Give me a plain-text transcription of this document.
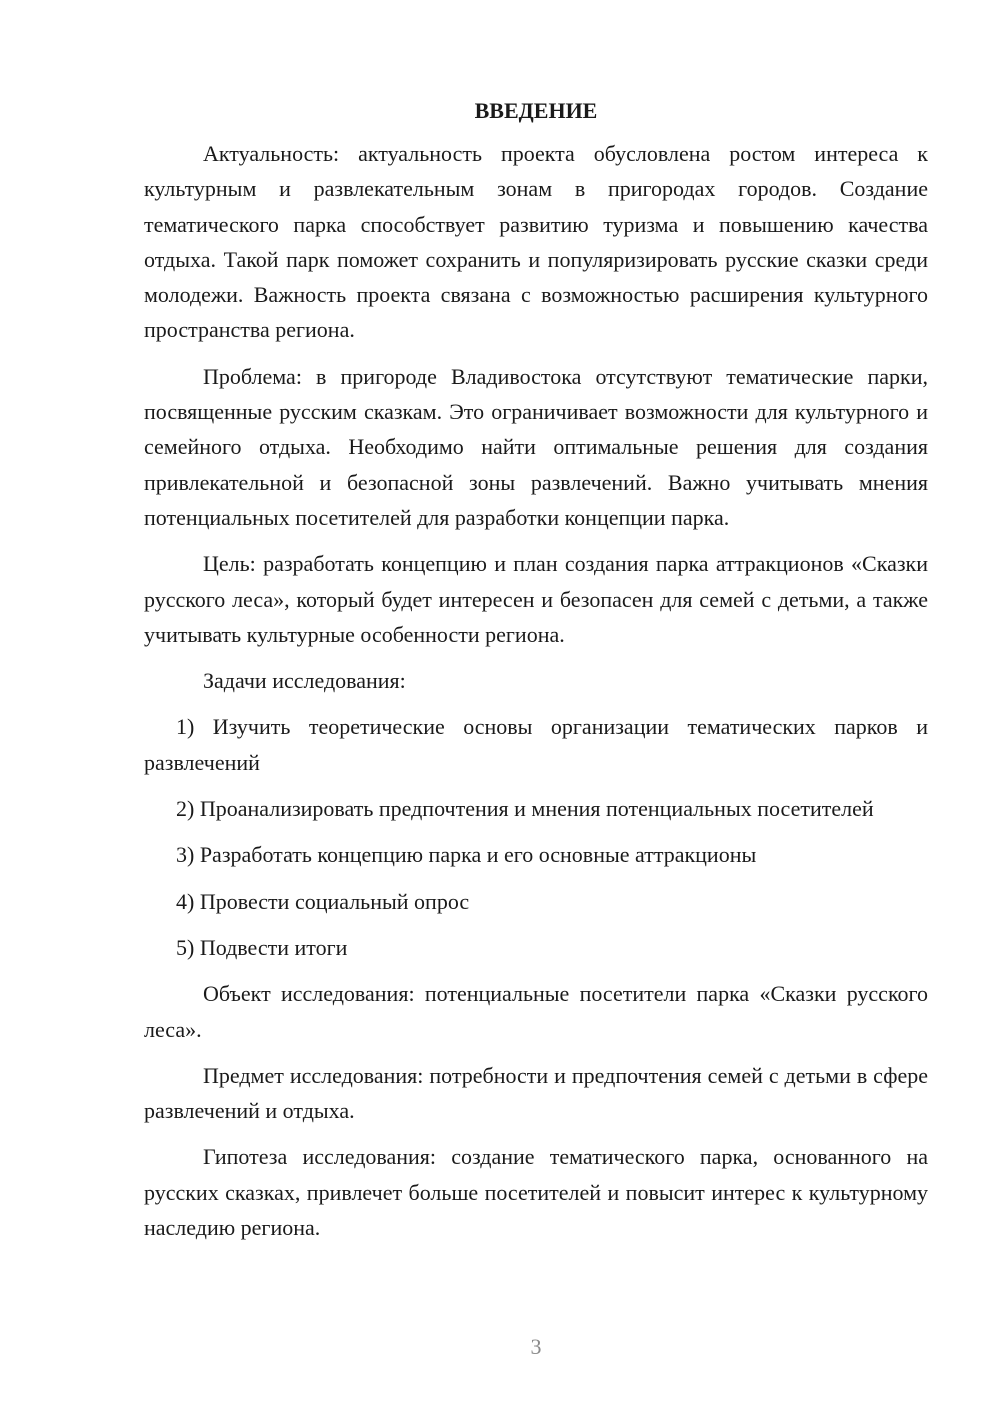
ВВЕДЕНИЕ

Актуальность: актуальность проекта обусловлена ростом интереса к культурным и развлекательным зонам в пригородах городов. Создание тематического парка способствует развитию туризма и повышению качества отдыха. Такой парк поможет сохранить и популяризировать русские сказки среди молодежи. Важность проекта связана с возможностью расширения культурного пространства региона.

Проблема: в пригороде Владивостока отсутствуют тематические парки, посвященные русским сказкам. Это ограничивает возможности для культурного и семейного отдыха. Необходимо найти оптимальные решения для создания привлекательной и безопасной зоны развлечений. Важно учитывать мнения потенциальных посетителей для разработки концепции парка.

Цель: разработать концепцию и план создания парка аттракционов «Сказки русского леса», который будет интересен и безопасен для семей с детьми, а также учитывать культурные особенности региона.

Задачи исследования:

1) Изучить теоретические основы организации тематических парков и развлечений

2) Проанализировать предпочтения и мнения потенциальных посетителей

3) Разработать концепцию парка и его основные аттракционы

4) Провести социальный опрос

5) Подвести итоги

Объект исследования: потенциальные посетители парка «Сказки русского леса».

Предмет исследования: потребности и предпочтения семей с детьми в сфере развлечений и отдыха.

Гипотеза исследования: создание тематического парка, основанного на русских сказках, привлечет больше посетителей и повысит интерес к культурному наследию региона.

3
